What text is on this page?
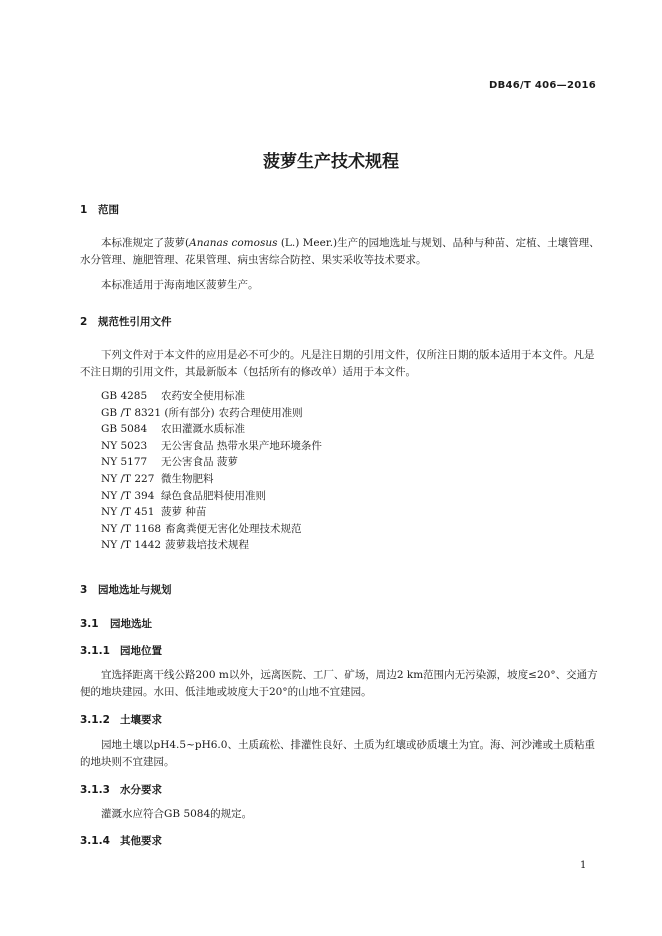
DB46/T 406—2016
菠萝生产技术规程
1 范围
本标准规定了菠萝(Ananas comosus (L.) Meer.)生产的园地选址与规划、品种与种苗、定植、土壤管理、水分管理、施肥管理、花果管理、病虫害综合防控、果实采收等技术要求。
本标准适用于海南地区菠萝生产。
2 规范性引用文件
下列文件对于本文件的应用是必不可少的。凡是注日期的引用文件，仅所注日期的版本适用于本文件。凡是不注日期的引用文件，其最新版本（包括所有的修改单）适用于本文件。
GB 4285 农药安全使用标准
GB /T 8321 (所有部分) 农药合理使用准则
GB 5084 农田灌溉水质标准
NY 5023 无公害食品 热带水果产地环境条件
NY 5177 无公害食品 菠萝
NY /T 227 微生物肥料
NY /T 394 绿色食品肥料使用准则
NY /T 451 菠萝 种苗
NY /T 1168 畜禽粪便无害化处理技术规范
NY /T 1442 菠萝栽培技术规程
3 园地选址与规划
3.1 园地选址
3.1.1 园地位置
宜选择距离干线公路200 m以外，远离医院、工厂、矿场，周边2 km范围内无污染源，坡度≤20°、交通方便的地块建园。水田、低洼地或坡度大于20°的山地不宜建园。
3.1.2 土壤要求
园地土壤以pH4.5~pH6.0、土质疏松、排灌性良好、土质为红壤或砂质壤土为宜。海、河沙滩或土质粘重的地块则不宜建园。
3.1.3 水分要求
灌溉水应符合GB 5084的规定。
3.1.4 其他要求
1
